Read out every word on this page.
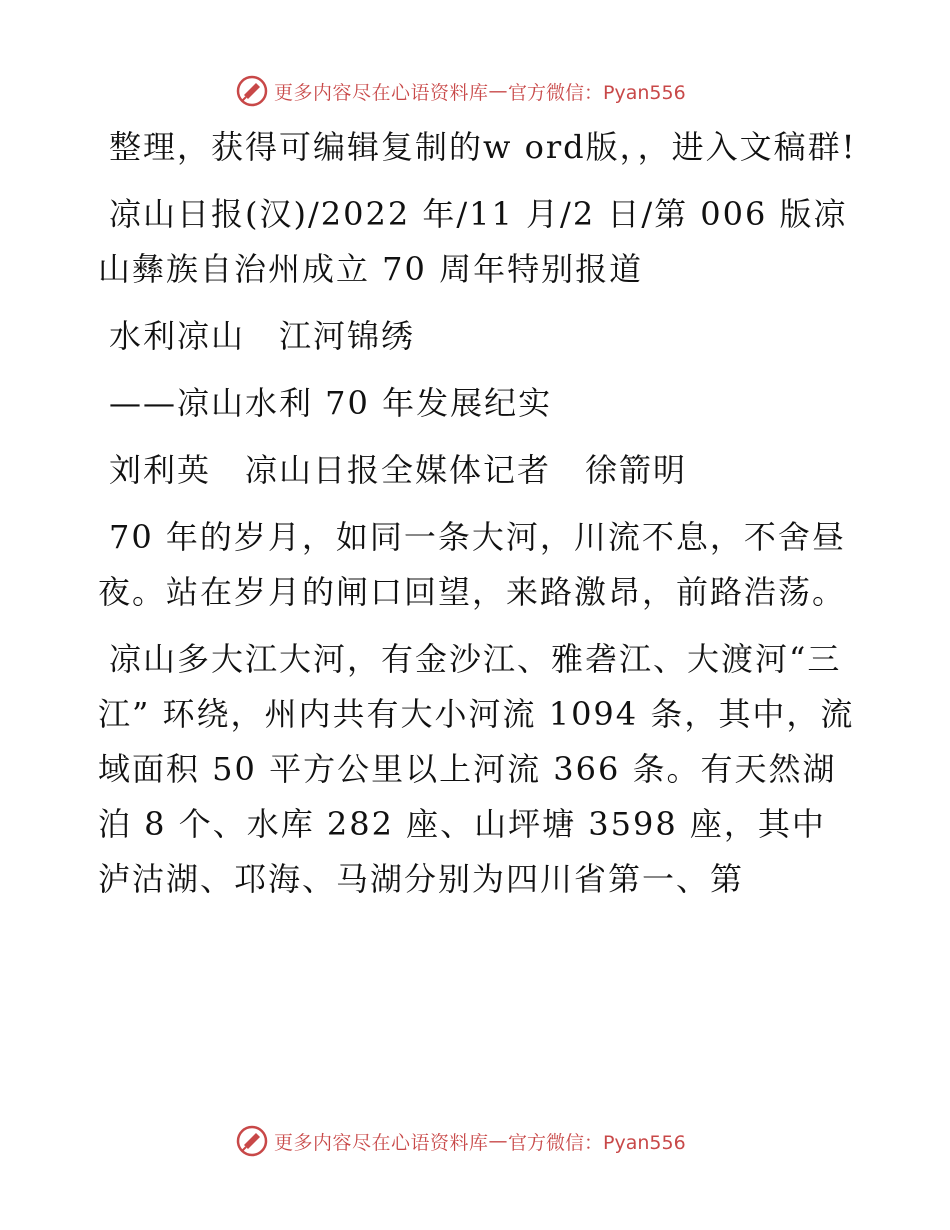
更多内容尽在心语资料库 — 官方微信：Pyan556

整理，获得可编辑复制的w ord版，，进入文稿群!

凉山日报(汉)/2022 年/11 月/2 日/第 006 版凉山彝族自治州成立 70 周年特别报道

水利凉山　江河锦绣

——凉山水利 70 年发展纪实

刘利英　凉山日报全媒体记者　徐箭明

70 年的岁月，如同一条大河，川流不息，不舍昼夜。站在岁月的闸口回望，来路激昂，前路浩荡。

凉山多大江大河，有金沙江、雅砻江、大渡河“三江” 环绕，州内共有大小河流 1094 条，其中，流域面积 50 平方公里以上河流 366 条。有天然湖泊 8 个、水库 282 座、山坪塘 3598 座，其中泸沽湖、邛海、马湖分别为四川省第一、第

更多内容尽在心语资料库 — 官方微信：Pyan556
